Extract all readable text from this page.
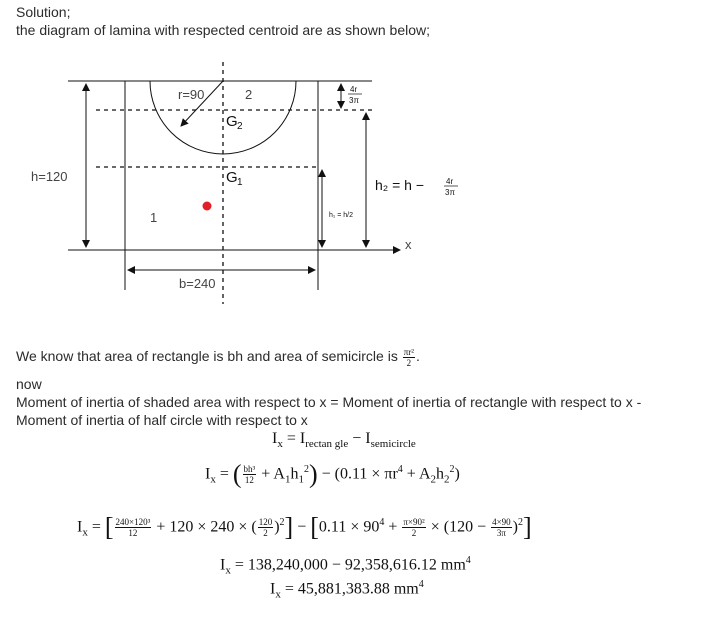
Solution;
the diagram of lamina with respected centroid are as shown below;
r=90	2
1
h=120
b=240
x
G 2
G 1
4r
3π
h₁ = h/2
h₂ = h −	4r
3π
We know that area of rectangle is bh and area of semicircle is $\frac{\text{πr²}}{2}$ .
now
Moment of inertia of shaded area with respect to x = Moment of inertia of rectangle with respect to x -
Moment of inertia of half circle with respect to x
$I_x = I_{rectan gle} - I_{semicircle}$
$I_x$ = ( $\frac{\text{bh³}}{12} + A_1h_1^2) - (0.11 \times \pi r^4 + A_2h_2^2)$
$I_x$ = [ $\frac{\text{240×120³}}{12} + 120 \times 240$ × ( $\frac{120}{2} )^2] - [0.11 \times 90^4 + \frac{\text{π×90²}}{2} \times (120 - \frac{4\times 90}{3\pi} )^2]$
$I_x = 138,240,000 - 92,358,616.12$ $mm^4$
$I_x = 45,881,383.88$ $mm^4$
